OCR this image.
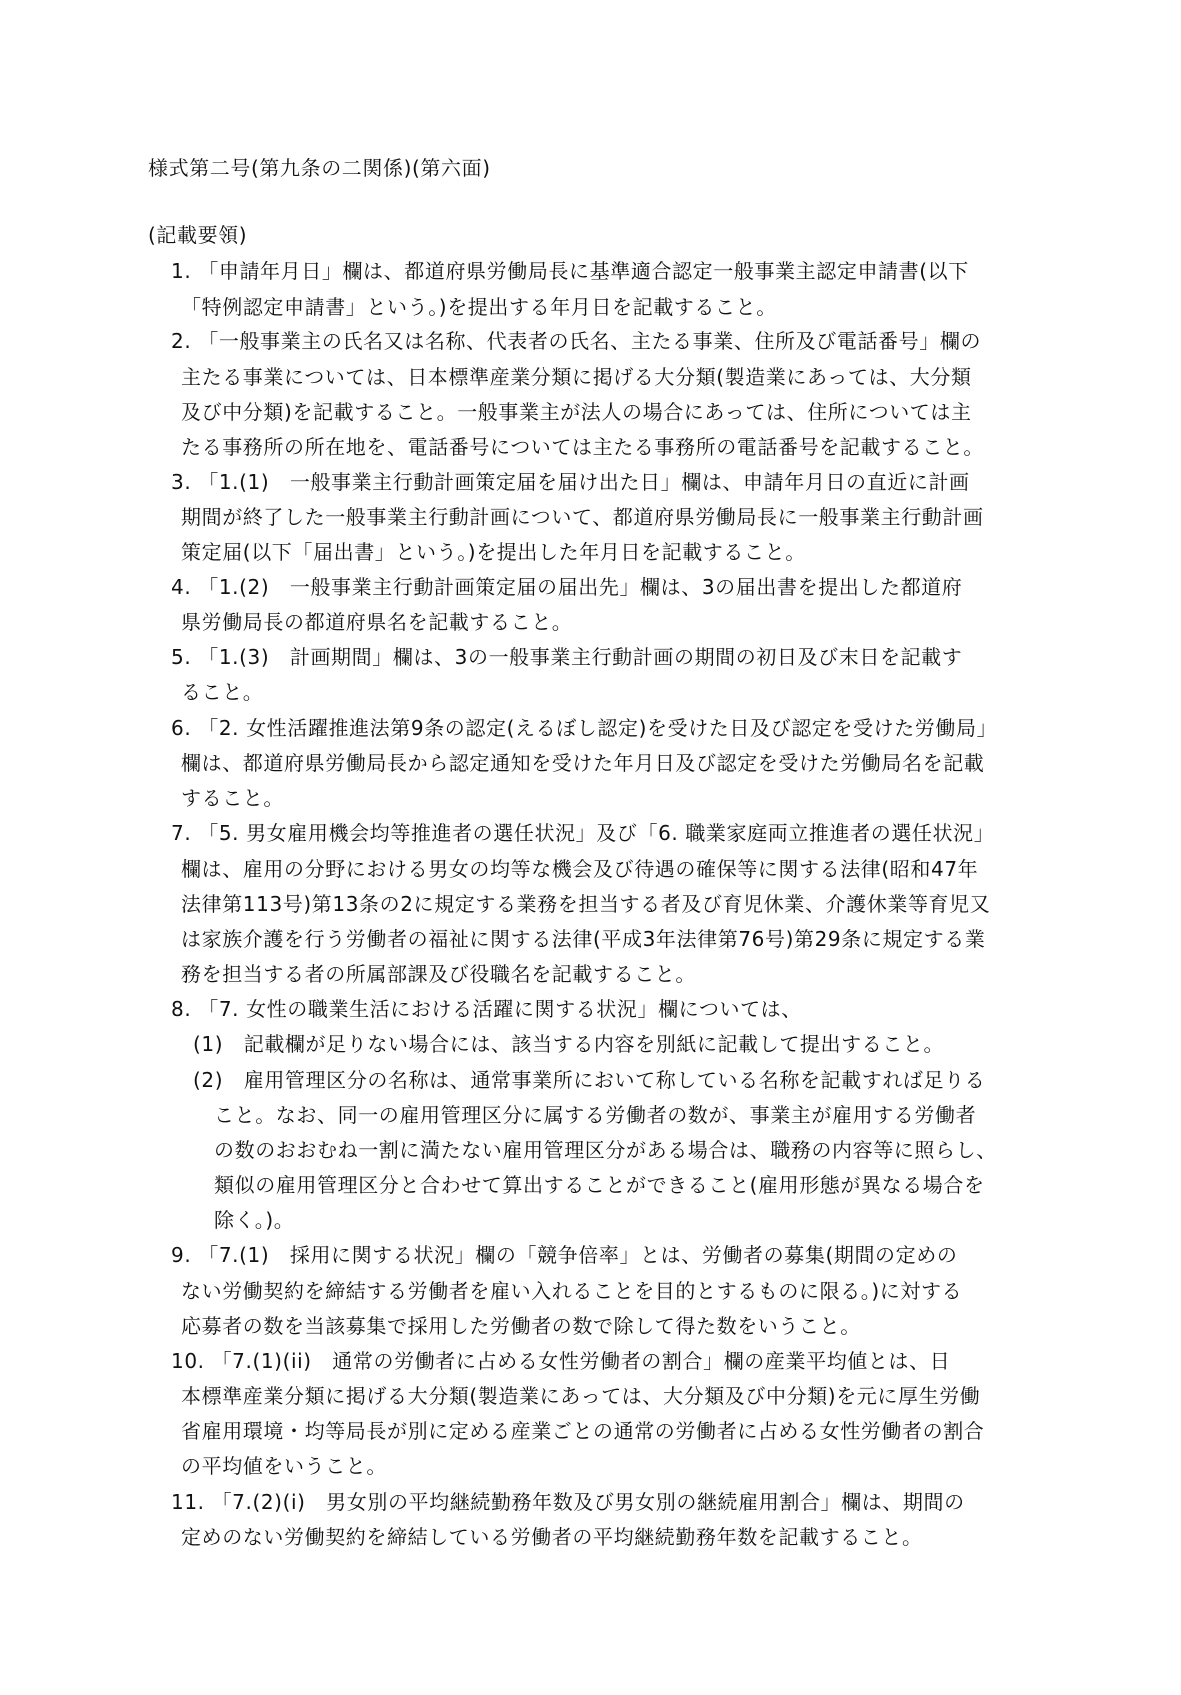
様式第二号(第九条の二関係)(第六面)
(記載要領)
1. 「申請年月日」欄は、都道府県労働局長に基準適合認定一般事業主認定申請書(以下
「特例認定申請書」という。)を提出する年月日を記載すること。
2. 「一般事業主の氏名又は名称、代表者の氏名、主たる事業、住所及び電話番号」欄の
主たる事業については、日本標準産業分類に掲げる大分類(製造業にあっては、大分類
及び中分類)を記載すること。一般事業主が法人の場合にあっては、住所については主
たる事務所の所在地を、電話番号については主たる事務所の電話番号を記載すること。
3. 「1.(1)　一般事業主行動計画策定届を届け出た日」欄は、申請年月日の直近に計画
期間が終了した一般事業主行動計画について、都道府県労働局長に一般事業主行動計画
策定届(以下「届出書」という。)を提出した年月日を記載すること。
4. 「1.(2)　一般事業主行動計画策定届の届出先」欄は、3の届出書を提出した都道府
県労働局長の都道府県名を記載すること。
5. 「1.(3)　計画期間」欄は、3の一般事業主行動計画の期間の初日及び末日を記載す
ること。
6. 「2. 女性活躍推進法第9条の認定(えるぼし認定)を受けた日及び認定を受けた労働局」
欄は、都道府県労働局長から認定通知を受けた年月日及び認定を受けた労働局名を記載
すること。
7. 「5. 男女雇用機会均等推進者の選任状況」及び「6. 職業家庭両立推進者の選任状況」
欄は、雇用の分野における男女の均等な機会及び待遇の確保等に関する法律(昭和47年
法律第113号)第13条の2に規定する業務を担当する者及び育児休業、介護休業等育児又
は家族介護を行う労働者の福祉に関する法律(平成3年法律第76号)第29条に規定する業
務を担当する者の所属部課及び役職名を記載すること。
8. 「7. 女性の職業生活における活躍に関する状況」欄については、
(1)　記載欄が足りない場合には、該当する内容を別紙に記載して提出すること。
(2)　雇用管理区分の名称は、通常事業所において称している名称を記載すれば足りる
こと。なお、同一の雇用管理区分に属する労働者の数が、事業主が雇用する労働者
の数のおおむね一割に満たない雇用管理区分がある場合は、職務の内容等に照らし、
類似の雇用管理区分と合わせて算出することができること(雇用形態が異なる場合を
除く。)。
9. 「7.(1)　採用に関する状況」欄の「競争倍率」とは、労働者の募集(期間の定めの
ない労働契約を締結する労働者を雇い入れることを目的とするものに限る。)に対する
応募者の数を当該募集で採用した労働者の数で除して得た数をいうこと。
10. 「7.(1)(ii)　通常の労働者に占める女性労働者の割合」欄の産業平均値とは、日
本標準産業分類に掲げる大分類(製造業にあっては、大分類及び中分類)を元に厚生労働
省雇用環境・均等局長が別に定める産業ごとの通常の労働者に占める女性労働者の割合
の平均値をいうこと。
11. 「7.(2)(i)　男女別の平均継続勤務年数及び男女別の継続雇用割合」欄は、期間の
定めのない労働契約を締結している労働者の平均継続勤務年数を記載すること。
